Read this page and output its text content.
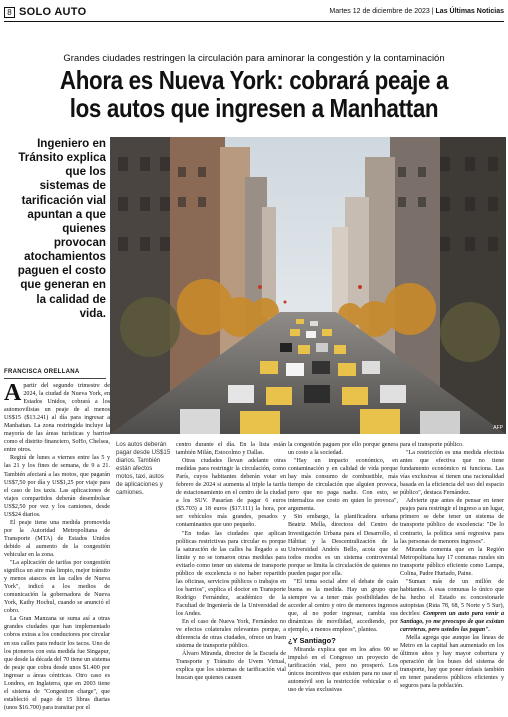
8 SOLO AUTO	Martes 12 de diciembre de 2023 | Las Últimas Noticias
Grandes ciudades restringen la circulación para aminorar la congestión y la contaminación
Ahora es Nueva York: cobrará peaje a los autos que ingresen a Manhattan
Ingeniero en Tránsito explica que los sistemas de tarificación vial apuntan a que quienes provocan atochamientos paguen el costo que generan en la calidad de vida.
AFP
FRANCISCA ORELLANA

Apartir del segundo trimestre de 2024, la ciudad de Nueva York, en Estados Unidos, cobrará a los automovilistas un peaje de al menos US$15 ($13.241) al día para ingresar a Manhattan. La zona restringida incluye la mayoría de las áreas turísticas y barrios como el distrito financiero, SoHo, Chelsea, entre otros.

Regirá de lunes a viernes entre las 5 y las 21 y los fines de semana, de 9 a 21. También afectará a las motos, que pagarán US$7,50 por día y US$1,25 por viaje para el caso de los taxis. Las aplicaciones de viajes compartidos deberán desembolsar US$2,50 por vez y los camiones, desde US$24 diarios.

El peaje tiene una medida promovida por la Autoridad Metropolitana de Transporte (MTA) de Estados Unidos debido al aumento de la congestión vehicular en la zona.

"La aplicación de tarifas por congestión significa un aire más limpio, mejor tránsito y menos atascos en las calles de Nueva York", indicó a los medios de comunicación la gobernadora de Nueva York, Kathy Hochul, cuando se anunció el cobro.

La Gran Manzana se suma así a otras grandes ciudades que han implementado cobros extras a los conductores por circular en sus calles para reducir los tacos. Uno de los pioneros con esta medida fue Singapur, que desde la década del 70 tiene un sistema de peaje que cobra desde unos $1.400 por ingresar a áreas céntricas. Otro caso es Londres, en Inglaterra, que en 2003 tiene el sistema de "Congestion charge", que estableció el pago de 15 libras diarias (unos $16.700) para transitar por el

Los autos deberán pagar desde US$15 diarios. También están afectos motos, taxi, autos de aplicaciones y camiones.

centro durante el día. En la lista están también Milán, Estocolmo y Dallas.

Otras ciudades llevan adelante otras medidas para restringir la circulación, como París, cuyos habitantes deberán votar en febrero de 2024 si aumenta al triple la tarifa de estacionamiento en el centro de la ciudad a los SUV. Pasarían de pagar 6 euros ($5.703) a 18 euros ($17.111) la hora, por ser vehículos más grandes, pesados y contaminantes que uno pequeño.

"En todas las ciudades que aplican políticas restrictivas para circular es porque la saturación de las calles ha llegado a su límite y no se tomaron otras medidas para evitarlo como tener un sistema de transporte público de excelencia o no haber repartido las oficinas, servicios públicos o trabajos en los barrios", explica el doctor en Transporte Rodrigo Fernández, académico de la Facultad de Ingeniería de la Universidad de los Andes.

En el caso de Nueva York, Fernández no ve efectos colaterales relevantes porque, a diferencia de otras ciudades, ofrece un buen sistema de transporte público.

Álvaro Miranda, director de la Escuela de Transporte y Tránsito de Uvem Virtual, explica que los sistemas de tarificación vial buscan que quienes causen

la congestión paguen por ello porque genera un costo a la sociedad.

"Hay un impacto económico, en contaminación y en calidad de vida porque hay más consumo de combustible, más tiempo de circulación que alguien provoca, pero que no paga nadie. Con esto, se internaliza ese costo en quien lo provoca", argumenta.

Sin embargo, la planificadora urbana Beatriz Mella, directora del Centro de Investigación Urbana para el Desarrollo, el Hábitat y la Descentralización de la Universidad Andrés Bello, acota que de todos modos es un sistema controversial porque se limita la circulación de quienes no pueden pagar por ella.

"El tema social abre el debate de cuán buena es la medida. Hay un grupo que siempre va a tener más posibilidades de acceder al centro y otro de menores ingresos que, al no poder ingresar, cambia sus dinámicas de movilidad, accediendo, por ejemplo, a menos empleos", plantea.

¿Y Santiago?

Miranda explica que en los años 90 se impulsó en el Congreso un proyecto de tarificación vial, pero no prosperó. Los únicos incentivos que existen para no usar el automóvil son la restricción vehicular o el uso de vías exclusivas

para el transporte público.

"La restricción es una medida efectista antes que efectiva que no tiene fundamento económico ni funciona. Las vías exclusivas sí tienen una racionalidad basada en la eficiencia del uso del espacio público", destaca Fernández.

Advierte que antes de pensar en tener peajes para restringir el ingreso a un lugar, primero se debe tener un sistema de transporte público de excelencia: "De lo contrario, la política será regresiva para las personas de menores ingresos".

Miranda comenta que en la Región Metropolitana hay 17 comunas rurales sin transporte público eficiente como Lampa, Colina, Padre Hurtado, Paine.

"Suman más de un millón de habitantes. A esas comunas lo único que ha hecho el Estado es concesionarle autopistas (Ruta 78, 68, 5 Norte y 5 Sur), decirles: Compren un auto para venir a Santiago, yo me preocupo de que existan carreteras, pero ustedes las pagan".

Mella agrega que aunque las líneas de Metro en la capital han aumentado en los últimos años y hay mayor cobertura y operación de los buses del sistema de transporte, hay que poner énfasis también en tener paraderos públicos eficientes y seguros para la población.
